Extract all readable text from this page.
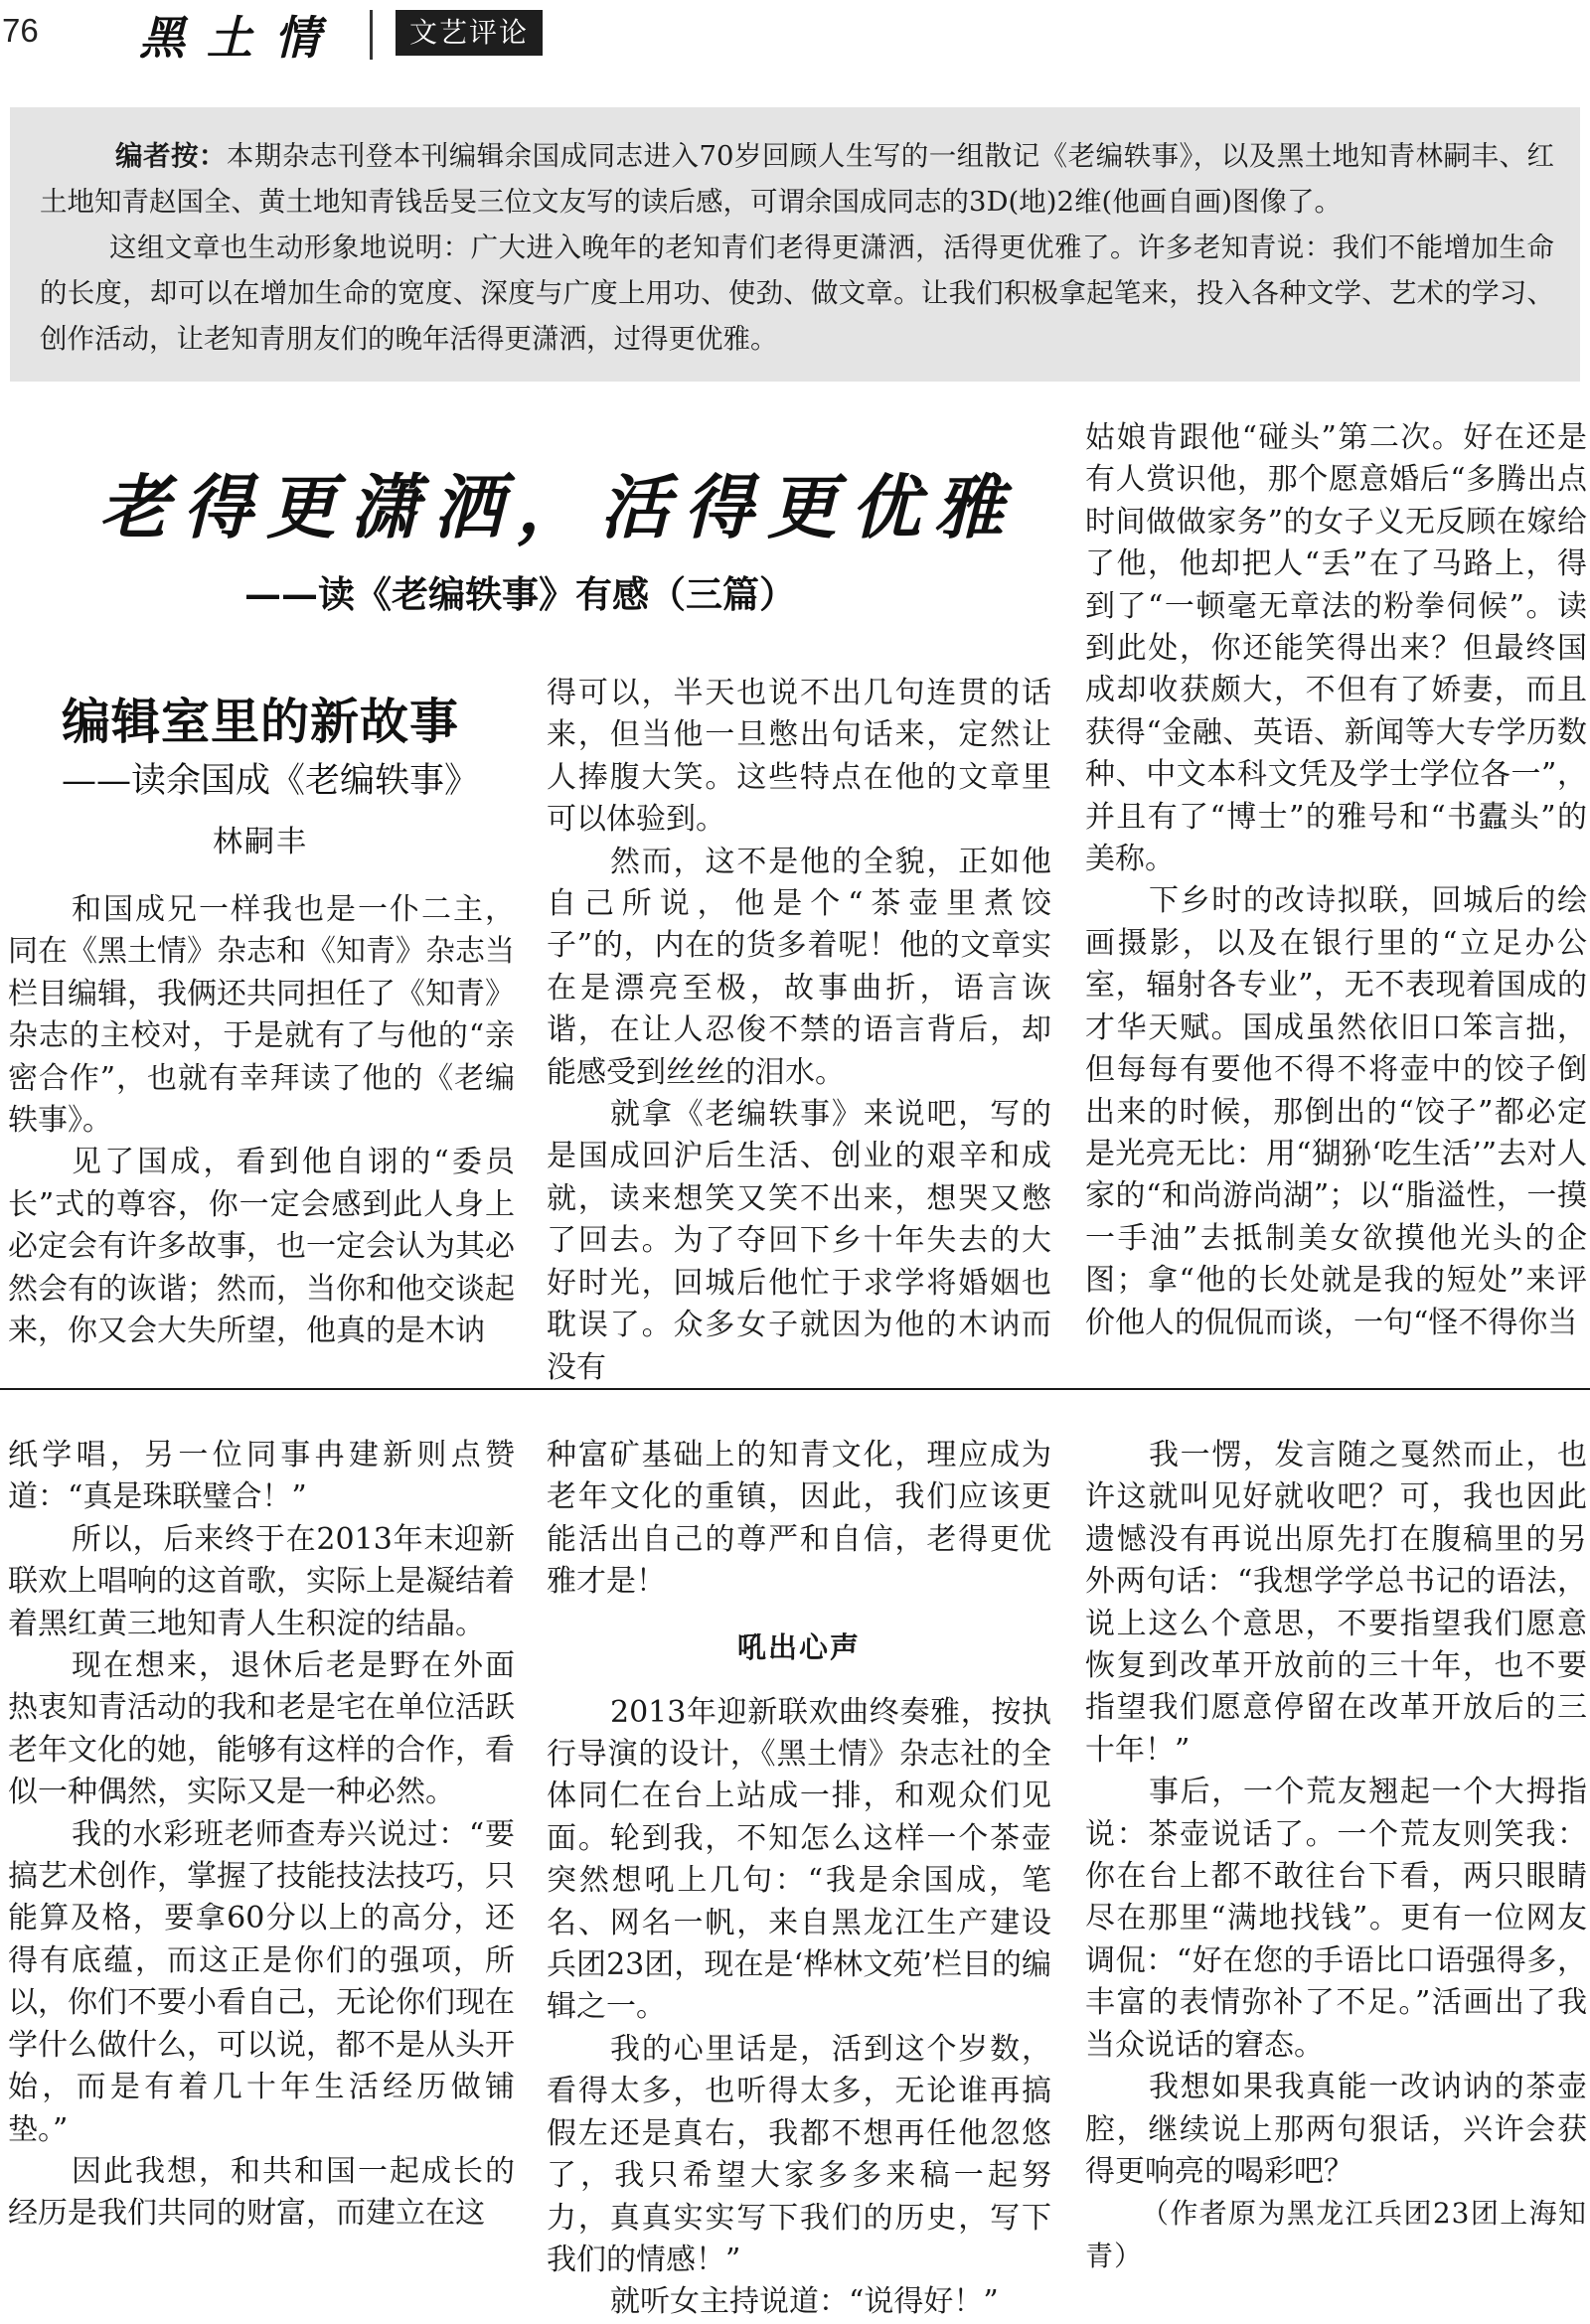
76 黑土情	文艺评论

编者按：本期杂志刊登本刊编辑余国成同志进入70岁回顾人生写的一组散记《老编轶事》，以及黑土地知青林嗣丰、红土地知青赵国全、黄土地知青钱岳旻三位文友写的读后感，可谓余国成同志的3D(地)2维(他画自画)图像了。

这组文章也生动形象地说明：广大进入晚年的老知青们老得更潇洒，活得更优雅了。许多老知青说：我们不能增加生命的长度，却可以在增加生命的宽度、深度与广度上用功、使劲、做文章。让我们积极拿起笔来，投入各种文学、艺术的学习、创作活动，让老知青朋友们的晚年活得更潇洒，过得更优雅。

老得更潇洒，活得更优雅
——读《老编轶事》有感（三篇）
编辑室里的新故事
——读余国成《老编轶事》
林嗣丰

和国成兄一样我也是一仆二主，同在《黑土情》杂志和《知青》杂志当栏目编辑，我俩还共同担任了《知青》杂志的主校对，于是就有了与他的“亲密合作”，也就有幸拜读了他的《老编轶事》。

见了国成，看到他自诩的“委员长”式的尊容，你一定会感到此人身上必定会有许多故事，也一定会认为其必然会有的诙谐；然而，当你和他交谈起来，你又会大失所望，他真的是木讷

得可以，半天也说不出几句连贯的话来，但当他一旦憋出句话来，定然让人捧腹大笑。这些特点在他的文章里可以体验到。

然而，这不是他的全貌，正如他自己所说，他是个“茶壶里煮饺子”的，内在的货多着呢！他的文章实在是漂亮至极，故事曲折，语言诙谐，在让人忍俊不禁的语言背后，却能感受到丝丝的泪水。

就拿《老编轶事》来说吧，写的是国成回沪后生活、创业的艰辛和成就，读来想笑又笑不出来，想哭又憋了回去。为了夺回下乡十年失去的大好时光，回城后他忙于求学将婚姻也耽误了。众多女子就因为他的木讷而没有

姑娘肯跟他“碰头”第二次。好在还是有人赏识他，那个愿意婚后“多腾出点时间做做家务”的女子义无反顾在嫁给了他，他却把人“丢”在了马路上，得到了“一顿毫无章法的粉拳伺候”。读到此处，你还能笑得出来？但最终国成却收获颇大，不但有了娇妻，而且获得“金融、英语、新闻等大专学历数种、中文本科文凭及学士学位各一”，并且有了“博士”的雅号和“书蠹头”的美称。

下乡时的改诗拟联，回城后的绘画摄影，以及在银行里的“立足办公室，辐射各专业”，无不表现着国成的才华天赋。国成虽然依旧口笨言拙，但每每有要他不得不将壶中的饺子倒出来的时候，那倒出的“饺子”都必定是光亮无比：用“猢狲‘吃生活’”去对人家的“和尚游尚湖”；以“脂溢性，一摸一手油”去抵制美女欲摸他光头的企图；拿“他的长处就是我的短处”来评价他人的侃侃而谈，一句“怪不得你当

纸学唱，另一位同事冉建新则点赞道：“真是珠联璧合！”

所以，后来终于在2013年末迎新联欢上唱响的这首歌，实际上是凝结着着黑红黄三地知青人生积淀的结晶。

现在想来，退休后老是野在外面热衷知青活动的我和老是宅在单位活跃老年文化的她，能够有这样的合作，看似一种偶然，实际又是一种必然。

我的水彩班老师查寿兴说过：“要搞艺术创作，掌握了技能技法技巧，只能算及格，要拿60分以上的高分，还得有底蕴，而这正是你们的强项，所以，你们不要小看自己，无论你们现在学什么做什么，可以说，都不是从头开始，而是有着几十年生活经历做铺垫。”

因此我想，和共和国一起成长的经历是我们共同的财富，而建立在这

种富矿基础上的知青文化，理应成为老年文化的重镇，因此，我们应该更能活出自己的尊严和自信，老得更优雅才是！

吼出心声

2013年迎新联欢曲终奏雅，按执行导演的设计，《黑土情》杂志社的全体同仁在台上站成一排，和观众们见面。轮到我，不知怎么这样一个茶壶突然想吼上几句：“我是余国成，笔名、网名一帆，来自黑龙江生产建设兵团23团，现在是‘桦林文苑’栏目的编辑之一。

我的心里话是，活到这个岁数，看得太多，也听得太多，无论谁再搞假左还是真右，我都不想再任他忽悠了，我只希望大家多多来稿一起努力，真真实实写下我们的历史，写下我们的情感！”

就听女主持说道：“说得好！”

我一愣，发言随之戛然而止，也许这就叫见好就收吧？可，我也因此遗憾没有再说出原先打在腹稿里的另外两句话：“我想学学总书记的语法，说上这么个意思，不要指望我们愿意恢复到改革开放前的三十年，也不要指望我们愿意停留在改革开放后的三十年！”

事后，一个荒友翘起一个大拇指说：茶壶说话了。一个荒友则笑我：你在台上都不敢往台下看，两只眼睛尽在那里“满地找钱”。更有一位网友调侃：“好在您的手语比口语强得多，丰富的表情弥补了不足。”活画出了我当众说话的窘态。

我想如果我真能一改讷讷的茶壶腔，继续说上那两句狠话，兴许会获得更响亮的喝彩吧？

（作者原为黑龙江兵团23团上海知青）
